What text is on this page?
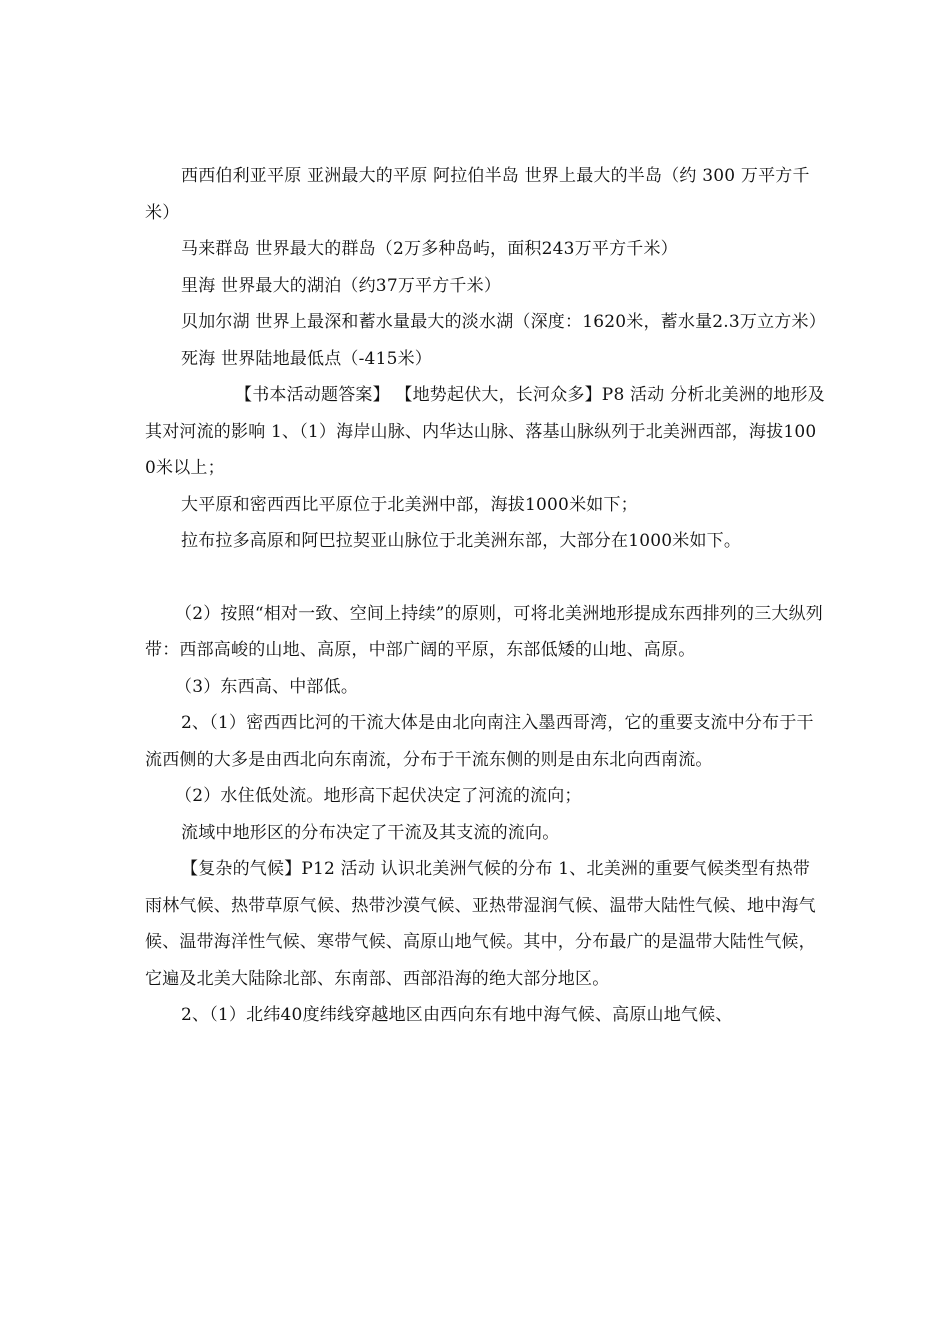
西西伯利亚平原 亚洲最大的平原 阿拉伯半岛 世界上最大的半岛（约 300 万平方千米）

马来群岛 世界最大的群岛（2万多种岛屿，面积243万平方千米）

里海 世界最大的湖泊（约37万平方千米）

贝加尔湖 世界上最深和蓄水量最大的淡水湖（深度：1620米，蓄水量2.3万立方米）

死海 世界陆地最低点（-415米）

【书本活动题答案】 【地势起伏大，长河众多】P8 活动 分析北美洲的地形及其对河流的影响 1、（1）海岸山脉、内华达山脉、落基山脉纵列于北美洲西部，海拔1000米以上；

大平原和密西西比平原位于北美洲中部，海拔1000米如下；

拉布拉多高原和阿巴拉契亚山脉位于北美洲东部，大部分在1000米如下。

（2）按照“相对一致、空间上持续”的原则，可将北美洲地形提成东西排列的三大纵列带：西部高峻的山地、高原，中部广阔的平原，东部低矮的山地、高原。

（3）东西高、中部低。

2、（1）密西西比河的干流大体是由北向南注入墨西哥湾，它的重要支流中分布于干流西侧的大多是由西北向东南流，分布于干流东侧的则是由东北向西南流。

（2）水住低处流。地形高下起伏决定了河流的流向；

流域中地形区的分布决定了干流及其支流的流向。

【复杂的气候】P12 活动 认识北美洲气候的分布 1、北美洲的重要气候类型有热带雨林气候、热带草原气候、热带沙漠气候、亚热带湿润气候、温带大陆性气候、地中海气候、温带海洋性气候、寒带气候、高原山地气候。其中，分布最广的是温带大陆性气候，它遍及北美大陆除北部、东南部、西部沿海的绝大部分地区。

2、（1）北纬40度纬线穿越地区由西向东有地中海气候、高原山地气候、
